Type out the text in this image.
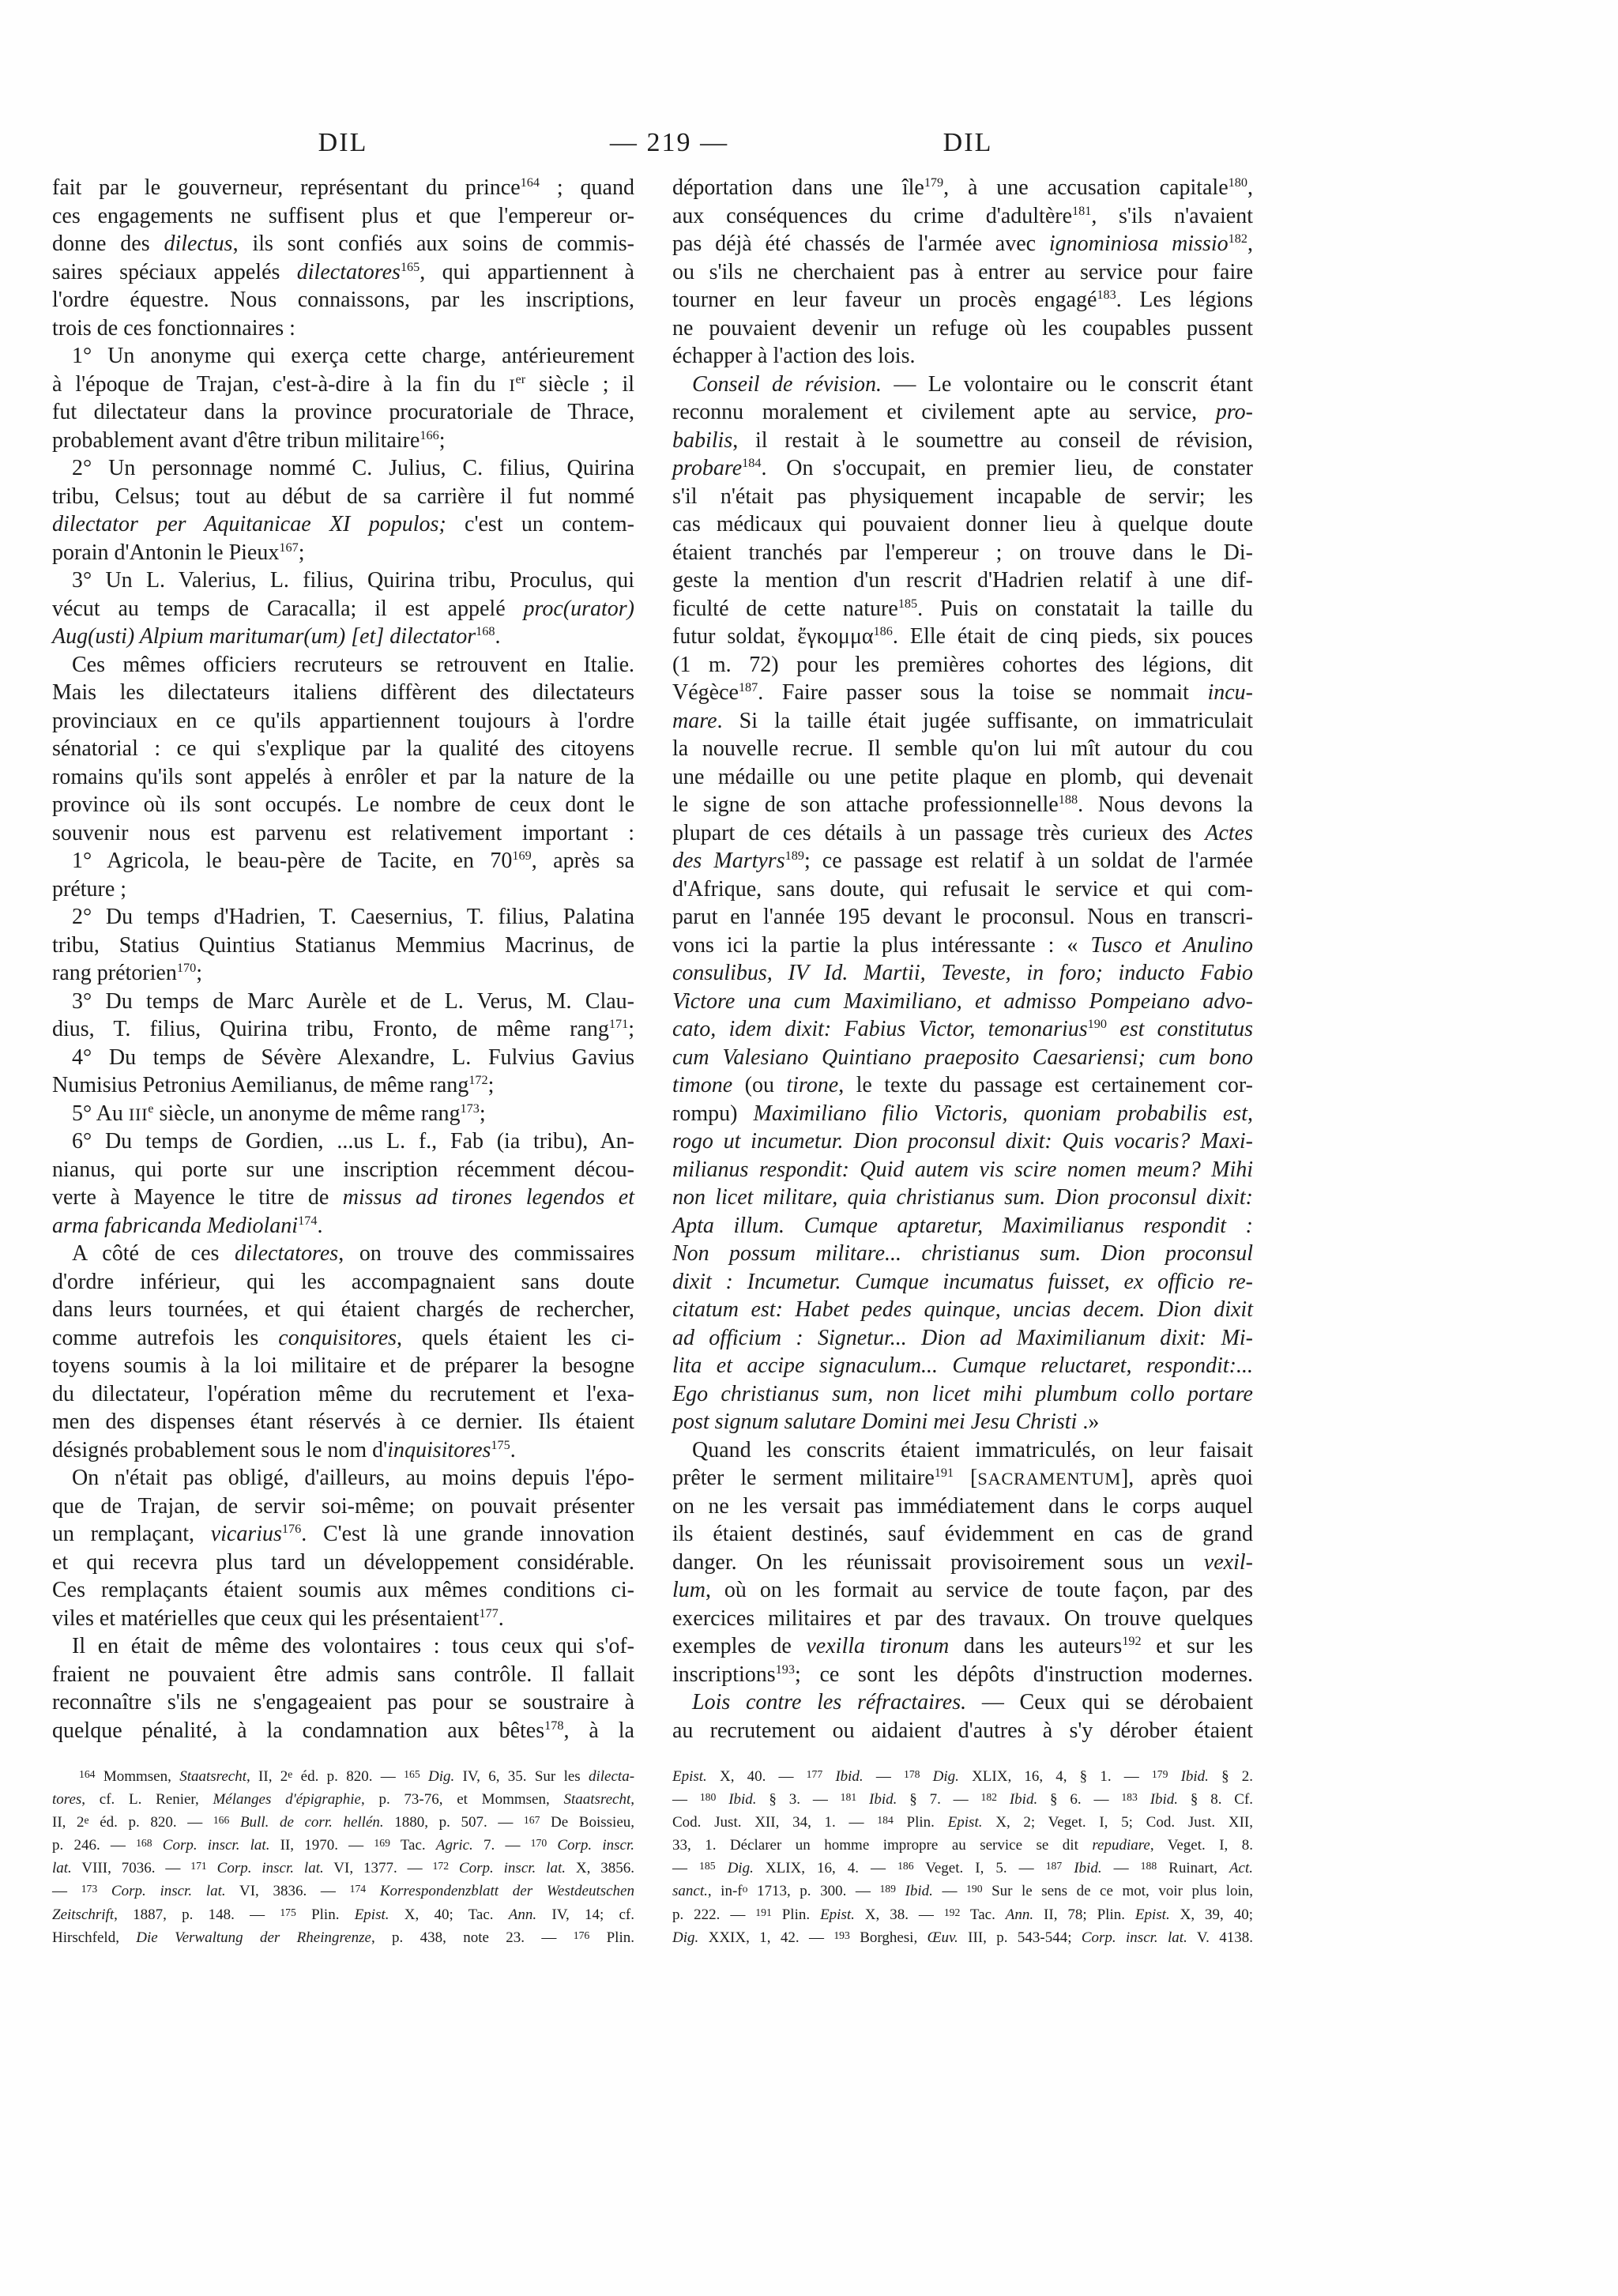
DIL	— 219 —	DIL
fait par le gouverneur, représentant du prince$^{164}$ ; quand
ces engagements ne suffisent plus et que l'empereur or-
donne des dilectus, ils sont confiés aux soins de commis-
saires spéciaux appelés dilectatores$^{165}$, qui appartiennent à
l'ordre équestre. Nous connaissons, par les inscriptions,
trois de ces fonctionnaires :
1° Un anonyme qui exerça cette charge, antérieurement
à l'époque de Trajan, c'est-à-dire à la fin du Ier siècle ; il
fut dilectateur dans la province procuratoriale de Thrace,
probablement avant d'être tribun militaire$^{166}$;
2° Un personnage nommé C. Julius, C. filius, Quirina
tribu, Celsus; tout au début de sa carrière il fut nommé
dilectator per Aquitanicae XI populos; c'est un contem-
porain d'Antonin le Pieux$^{167}$;
3° Un L. Valerius, L. filius, Quirina tribu, Proculus, qui
vécut au temps de Caracalla; il est appelé proc(urator)
Aug(usti) Alpium maritumar(um) [et] dilectator$^{168}$.
Ces mêmes officiers recruteurs se retrouvent en Italie.
Mais les dilectateurs italiens diffèrent des dilectateurs
provinciaux en ce qu'ils appartiennent toujours à l'ordre
sénatorial : ce qui s'explique par la qualité des citoyens
romains qu'ils sont appelés à enrôler et par la nature de la
province où ils sont occupés. Le nombre de ceux dont le
souvenir nous est parvenu est relativement important :
1° Agricola, le beau-père de Tacite, en $70^{169}$, après sa
préture ;
2° Du temps d'Hadrien, T. Caesernius, T. filius, Palatina
tribu, Statius Quintius Statianus Memmius Macrinus, de
rang prétorien$^{170}$;
3° Du temps de Marc Aurèle et de L. Verus, M. Clau-
dius, T. filius, Quirina tribu, Fronto, de même rang$^{171}$;
4° Du temps de Sévère Alexandre, L. Fulvius Gavius
Numisius Petronius Aemilianus, de même rang$^{172}$;
5° Au IIIe siècle, un anonyme de même rang$^{173}$;
6° Du temps de Gordien, ...us L. f., Fab (ia tribu), An-
nianus, qui porte sur une inscription récemment décou-
verte à Mayence le titre de missus ad tirones legendos et
arma fabricanda Mediolani$^{174}$.
A côté de ces dilectatores, on trouve des commissaires
d'ordre inférieur, qui les accompagnaient sans doute
dans leurs tournées, et qui étaient chargés de rechercher,
comme autrefois les conquisitores, quels étaient les ci-
toyens soumis à la loi militaire et de préparer la besogne
du dilectateur, l'opération même du recrutement et l'exa-
men des dispenses étant réservés à ce dernier. Ils étaient
désignés probablement sous le nom d'inquisitores$^{175}$.
On n'était pas obligé, d'ailleurs, au moins depuis l'épo-
que de Trajan, de servir soi-même; on pouvait présenter
un remplaçant, vicarius$^{176}$. C'est là une grande innovation
et qui recevra plus tard un développement considérable.
Ces remplaçants étaient soumis aux mêmes conditions ci-
viles et matérielles que ceux qui les présentaient$^{177}$.
Il en était de même des volontaires : tous ceux qui s'of-
fraient ne pouvaient être admis sans contrôle. Il fallait
reconnaître s'ils ne s'engageaient pas pour se soustraire à
quelque pénalité, à la condamnation aux bêtes$^{178}$, à la
déportation dans une île$^{179}$, à une accusation capitale$^{180}$,
aux conséquences du crime d'adultère$^{181}$, s'ils n'avaient
pas déjà été chassés de l'armée avec ignominiosa missio$^{182}$,
ou s'ils ne cherchaient pas à entrer au service pour faire
tourner en leur faveur un procès engagé$^{183}$. Les légions
ne pouvaient devenir un refuge où les coupables pussent
échapper à l'action des lois.
Conseil de révision. — Le volontaire ou le conscrit étant
reconnu moralement et civilement apte au service, pro-
babilis, il restait à le soumettre au conseil de révision,
probare$^{184}$. On s'occupait, en premier lieu, de constater
s'il n'était pas physiquement incapable de servir; les
cas médicaux qui pouvaient donner lieu à quelque doute
étaient tranchés par l'empereur ; on trouve dans le Di-
geste la mention d'un rescrit d'Hadrien relatif à une dif-
ficulté de cette nature$^{185}$. Puis on constatait la taille du
futur soldat, ἔγκομμα$^{186}$. Elle était de cinq pieds, six pouces
(1 m. 72) pour les premières cohortes des légions, dit
Végèce$^{187}$. Faire passer sous la toise se nommait incu-
mare. Si la taille était jugée suffisante, on immatriculait
la nouvelle recrue. Il semble qu'on lui mît autour du cou
une médaille ou une petite plaque en plomb, qui devenait
le signe de son attache professionnelle$^{188}$. Nous devons la
plupart de ces détails à un passage très curieux des Actes
des Martyrs$^{189}$; ce passage est relatif à un soldat de l'armée
d'Afrique, sans doute, qui refusait le service et qui com-
parut en l'année 195 devant le proconsul. Nous en transcri-
vons ici la partie la plus intéressante : « Tusco et Anulino
consulibus, IV Id. Martii, Teveste, in foro; inducto Fabio
Victore una cum Maximiliano, et admisso Pompeiano advo-
cato, idem dixit: Fabius Victor, temonarius$^{190}$ est constitutus
cum Valesiano Quintiano praeposito Caesariensi; cum bono
timone (ou tirone, le texte du passage est certainement cor-
rompu) Maximiliano filio Victoris, quoniam probabilis est,
rogo ut incumetur. Dion proconsul dixit: Quis vocaris? Maxi-
milianus respondit: Quid autem vis scire nomen meum? Mihi
non licet militare, quia christianus sum. Dion proconsul dixit:
Apta illum. Cumque aptaretur, Maximilianus respondit :
Non possum militare... christianus sum. Dion proconsul
dixit : Incumetur. Cumque incumatus fuisset, ex officio re-
citatum est: Habet pedes quinque, uncias decem. Dion dixit
ad officium : Signetur... Dion ad Maximilianum dixit: Mi-
lita et accipe signaculum... Cumque reluctaret, respondit:...
Ego christianus sum, non licet mihi plumbum collo portare
post signum salutare Domini mei Jesu Christi .»
Quand les conscrits étaient immatriculés, on leur faisait
prêter le serment militaire$^{191}$ [SACRAMENTUM], après quoi
on ne les versait pas immédiatement dans le corps auquel
ils étaient destinés, sauf évidemment en cas de grand
danger. On les réunissait provisoirement sous un vexil-
lum, où on les formait au service de toute façon, par des
exercices militaires et par des travaux. On trouve quelques
exemples de vexilla tironum dans les auteurs$^{192}$ et sur les
inscriptions$^{193}$; ce sont les dépôts d'instruction modernes.
Lois contre les réfractaires. — Ceux qui se dérobaient
au recrutement ou aidaient d'autres à s'y dérober étaient
$^{164}$ Mommsen, Staatsrecht, II, 2e éd. p. 820. — $^{165}$ Dig. IV, 6, 35. Sur les dilecta-
tores, cf. L. Renier, Mélanges d'épigraphie, p. 73-76, et Mommsen, Staatsrecht,
II, 2e éd. p. 820. — $^{166}$ Bull. de corr. hellén. 1880, p. 507. — $^{167}$ De Boissieu,
p. 246. — $^{168}$ Corp. inscr. lat. II, 1970. — $^{169}$ Tac. Agric. 7. — $^{170}$ Corp. inscr.
lat. VIII, 7036. — $^{171}$ Corp. inscr. lat. VI, 1377. — $^{172}$ Corp. inscr. lat. X, 3856.
— $^{173}$ Corp. inscr. lat. VI, 3836. — $^{174}$ Korrespondenzblatt der Westdeutschen
Zeitschrift, 1887, p. 148. — $^{175}$ Plin. Epist. X, 40; Tac. Ann. IV, 14; cf.
Hirschfeld, Die Verwaltung der Rheingrenze, p. 438, note 23. — $^{176}$ Plin.
Epist. X, 40. — $^{177}$ Ibid. — $^{178}$ Dig. XLIX, 16, 4, § 1. — $^{179}$ Ibid. § 2.
— $^{180}$ Ibid. § 3. — $^{181}$ Ibid. § 7. — $^{182}$ Ibid. § 6. — $^{183}$ Ibid. § 8. Cf.
Cod. Just. XII, 34, 1. — $^{184}$ Plin. Epist. X, 2; Veget. I, 5; Cod. Just. XII,
33, 1. Déclarer un homme impropre au service se dit repudiare, Veget. I, 8.
— $^{185}$ Dig. XLIX, 16, 4. — $^{186}$ Veget. I, 5. — $^{187}$ Ibid. — $^{188}$ Ruinart, Act.
sanct., $in-f^o$ 1713, p. 300. — $^{189}$ Ibid. — $^{190}$ Sur le sens de ce mot, voir plus loin,
p. 222. — $^{191}$ Plin. Epist. X, 38. — $^{192}$ Tac. Ann. II, 78; Plin. Epist. X, 39, 40;
Dig. XXIX, 1, 42. — $^{193}$ Borghesi, Œuv. III, p. 543-544; Corp. inscr. lat. V. 4138.
